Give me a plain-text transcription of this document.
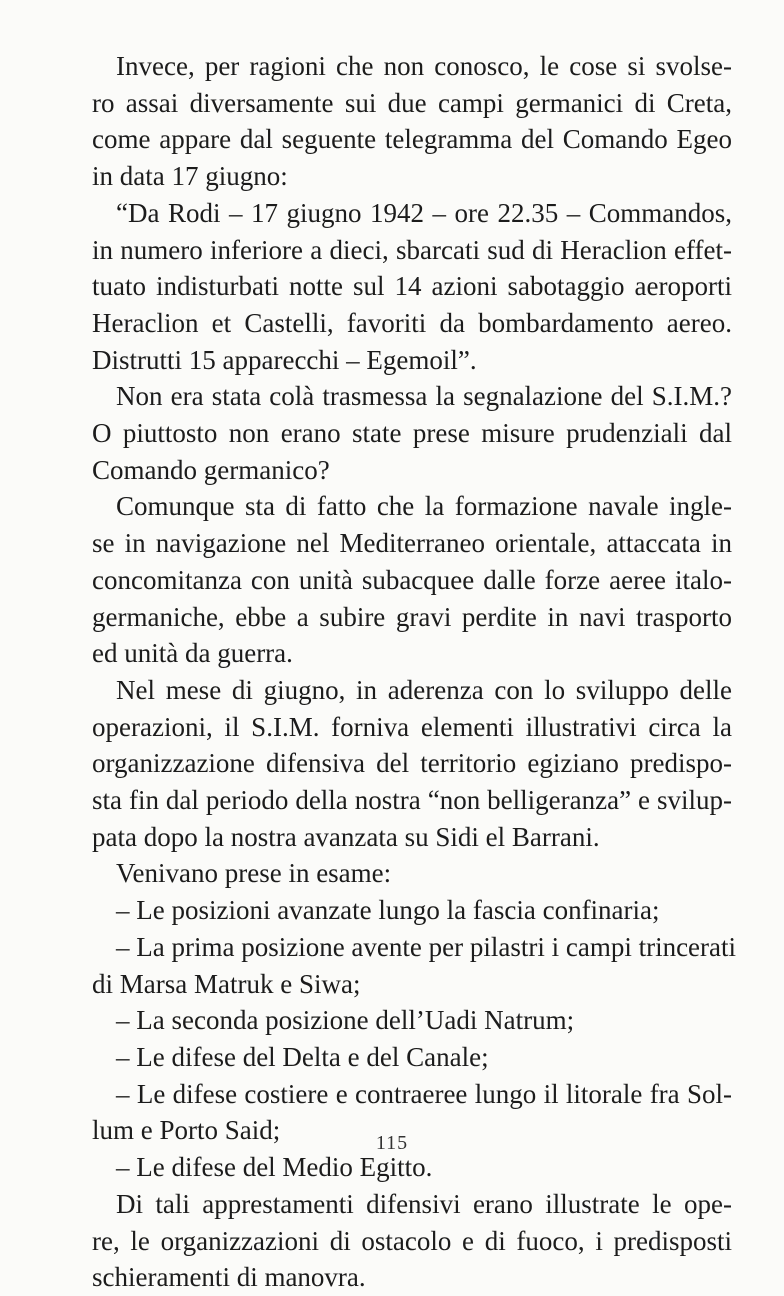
Invece, per ragioni che non conosco, le cose si svolse-
ro assai diversamente sui due campi germanici di Creta,
come appare dal seguente telegramma del Comando Egeo
in data 17 giugno:
“Da Rodi – 17 giugno 1942 – ore 22.35 – Commandos,
in numero inferiore a dieci, sbarcati sud di Heraclion effet-
tuato indisturbati notte sul 14 azioni sabotaggio aeroporti
Heraclion et Castelli, favoriti da bombardamento aereo.
Distrutti 15 apparecchi – Egemoil”.
Non era stata colà trasmessa la segnalazione del S.I.M.?
O piuttosto non erano state prese misure prudenziali dal
Comando germanico?
Comunque sta di fatto che la formazione navale ingle-
se in navigazione nel Mediterraneo orientale, attaccata in
concomitanza con unità subacquee dalle forze aeree italo-
germaniche, ebbe a subire gravi perdite in navi trasporto
ed unità da guerra.
Nel mese di giugno, in aderenza con lo sviluppo delle
operazioni, il S.I.M. forniva elementi illustrativi circa la
organizzazione difensiva del territorio egiziano predispo-
sta fin dal periodo della nostra “non belligeranza” e svilup-
pata dopo la nostra avanzata su Sidi el Barrani.
Venivano prese in esame:
– Le posizioni avanzate lungo la fascia confinaria;
– La prima posizione avente per pilastri i campi trincerati
di Marsa Matruk e Siwa;
– La seconda posizione dell’Uadi Natrum;
– Le difese del Delta e del Canale;
– Le difese costiere e contraeree lungo il litorale fra Sol-
lum e Porto Said;
– Le difese del Medio Egitto.
Di tali apprestamenti difensivi erano illustrate le ope-
re, le organizzazioni di ostacolo e di fuoco, i predisposti
schieramenti di manovra.
115
